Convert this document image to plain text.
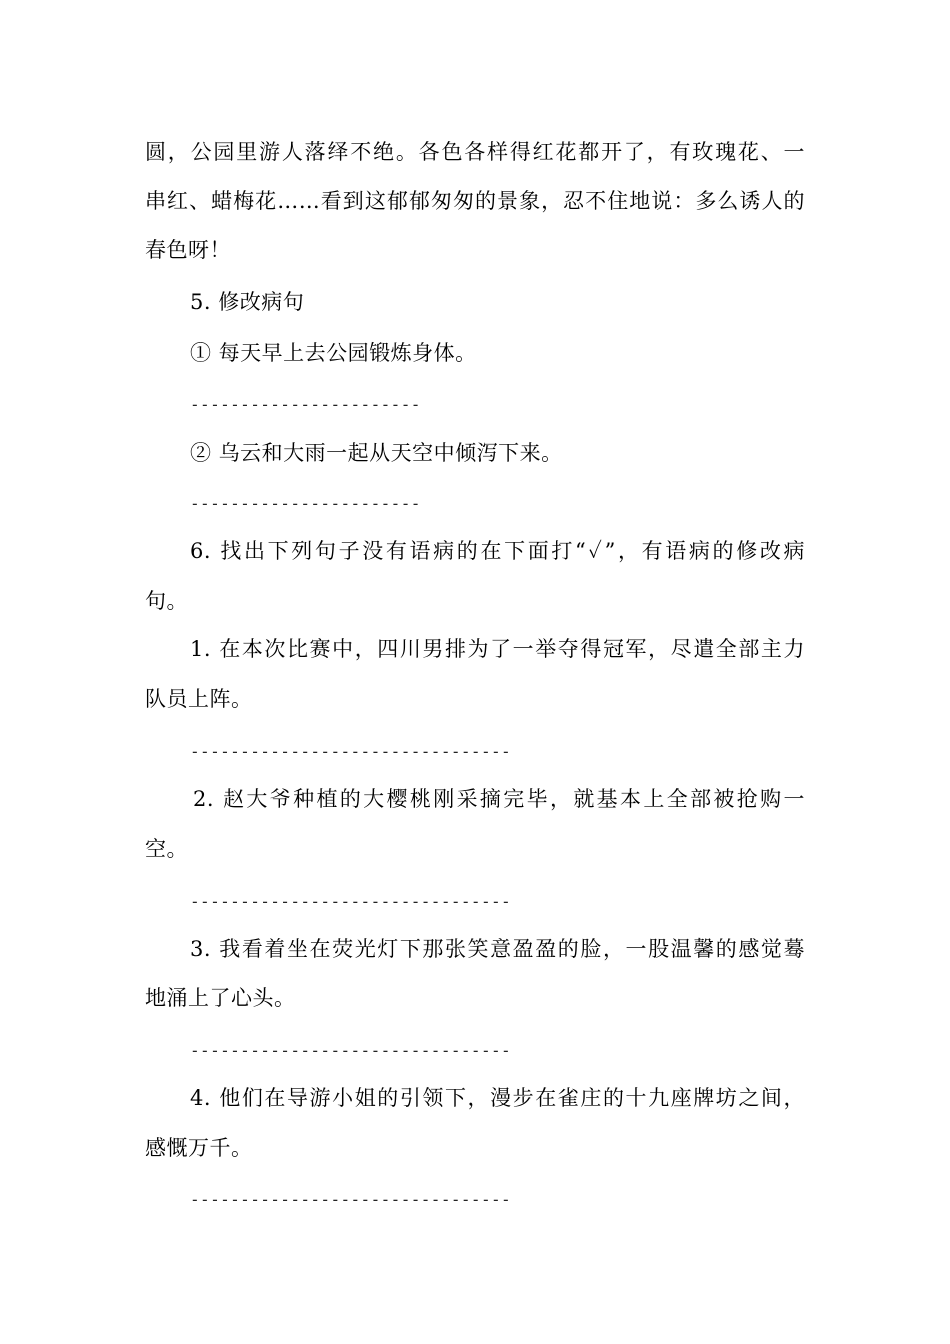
圆，公园里游人落绎不绝。各色各样得红花都开了，有玫瑰花、一
串红、蜡梅花……看到这郁郁匆匆的景象，忍不住地说：多么诱人的
春色呀！
5. 修改病句
① 每天早上去公园锻炼身体。
-----------------------
② 乌云和大雨一起从天空中倾泻下来。
-----------------------
6. 找出下列句子没有语病的在下面打“✓”，有语病的修改病
句。
1. 在本次比赛中，四川男排为了一举夺得冠军，尽遣全部主力
队员上阵。
--------------------------------
2. 赵大爷种植的大樱桃刚采摘完毕，就基本上全部被抢购一
空。
--------------------------------
3. 我看着坐在荧光灯下那张笑意盈盈的脸，一股温馨的感觉蓦
地涌上了心头。
--------------------------------
4. 他们在导游小姐的引领下，漫步在雀庄的十九座牌坊之间，
感慨万千。
--------------------------------
